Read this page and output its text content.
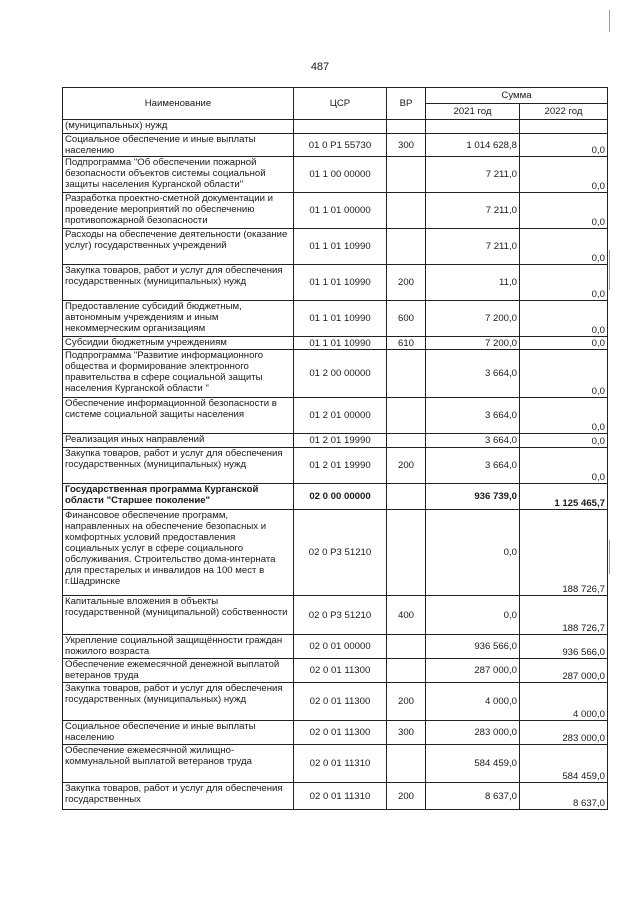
487
Наименование	ЦСР	ВР	Сумма	
			2021 год	2022 год
(муниципальных) нужд				
Социальное обеспечение и иные выплаты населению	01 0 P1 55730	300	1 014 628,8	0,0
Подпрограмма "Об обеспечении пожарной безопасности объектов системы социальной защиты населения Курганской области"	01 1 00 00000		7 211,0	0,0
Разработка проектно-сметной документации и проведение мероприятий по обеспечению противопожарной безопасности	01 1 01 00000		7 211,0	0,0
Расходы на обеспечение деятельности (оказание услуг) государственных учреждений	01 1 01 10990		7 211,0	0,0
Закупка товаров, работ и услуг для обеспечения государственных (муниципальных) нужд	01 1 01 10990	200	11,0	0,0
Предоставление субсидий бюджетным, автономным учреждениям и иным некоммерческим организациям	01 1 01 10990	600	7 200,0	0,0
Субсидии бюджетным учреждениям	01 1 01 10990	610	7 200,0	0,0
Подпрограмма "Развитие информационного общества и формирование электронного правительства в сфере социальной защиты населения Курганской области "	01 2 00 00000		3 664,0	0,0
Обеспечение информационной безопасности в системе социальной защиты населения	01 2 01 00000		3 664,0	0,0
Реализация иных направлений	01 2 01 19990		3 664,0	0,0
Закупка товаров, работ и услуг для обеспечения государственных (муниципальных) нужд	01 2 01 19990	200	3 664,0	0,0
Государственная программа Курганской области "Старшее поколение"	02 0 00 00000		936 739,0	1 125 465,7
Финансовое обеспечение программ, направленных на обеспечение безопасных и комфортных условий предоставления социальных услуг в сфере социального обслуживания. Строительство дома-интерната для престарелых и инвалидов на 100 мест в г.Шадринске	02 0 P3 51210		0,0	188 726,7
Капитальные вложения в объекты государственной (муниципальной) собственности	02 0 P3 51210	400	0,0	188 726,7
Укрепление социальной защищённости граждан пожилого возраста	02 0 01 00000		936 566,0	936 566,0
Обеспечение ежемесячной денежной выплатой ветеранов труда	02 0 01 11300		287 000,0	287 000,0
Закупка товаров, работ и услуг для обеспечения государственных (муниципальных) нужд	02 0 01 11300	200	4 000,0	4 000,0
Социальное обеспечение и иные выплаты населению	02 0 01 11300	300	283 000,0	283 000,0
Обеспечение ежемесячной жилищно-коммунальной выплатой ветеранов труда	02 0 01 11310		584 459,0	584 459,0
Закупка товаров, работ и услуг для обеспечения государственных	02 0 01 11310	200	8 637,0	8 637,0
